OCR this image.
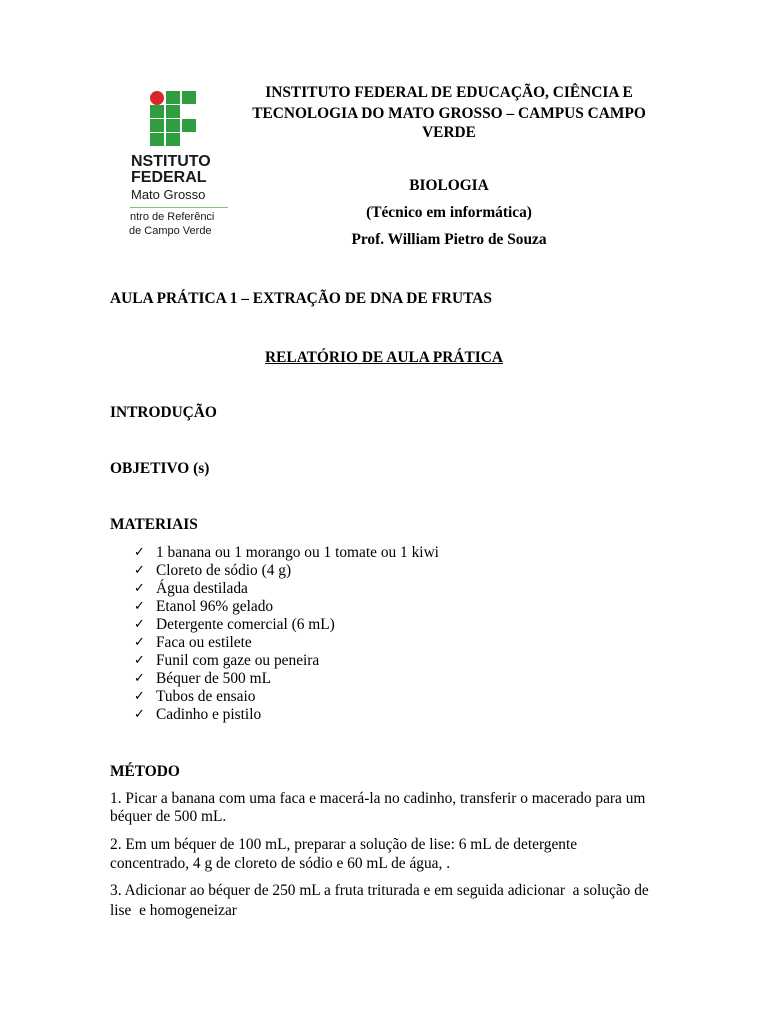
NSTITUTO
FEDERAL
Mato Grosso
ntro de Referênci
de Campo Verde
INSTITUTO FEDERAL DE EDUCAÇÃO, CIÊNCIA E
TECNOLOGIA DO MATO GROSSO – CAMPUS CAMPO
VERDE
BIOLOGIA
(Técnico em informática)
Prof. William Pietro de Souza
AULA PRÁTICA 1 – EXTRAÇÃO DE DNA DE FRUTAS
RELATÓRIO DE AULA PRÁTICA
INTRODUÇÃO
OBJETIVO (s)
MATERIAIS
✓
1 banana ou 1 morango ou 1 tomate ou 1 kiwi
✓
Cloreto de sódio (4 g)
✓
Água destilada
✓
Etanol 96% gelado
✓
Detergente comercial (6 mL)
✓
Faca ou estilete
✓
Funil com gaze ou peneira
✓
Béquer de 500 mL
✓
Tubos de ensaio
✓
Cadinho e pistilo
MÉTODO
1. Picar a banana com uma faca e macerá-la no cadinho, transferir o macerado para um
béquer de 500 mL.
2. Em um béquer de 100 mL, preparar a solução de lise: 6 mL de detergente
concentrado, 4 g de cloreto de sódio e 60 mL de água, .
3. Adicionar ao béquer de 250 mL a fruta triturada e em seguida adicionar  a solução de
lise  e homogeneizar
